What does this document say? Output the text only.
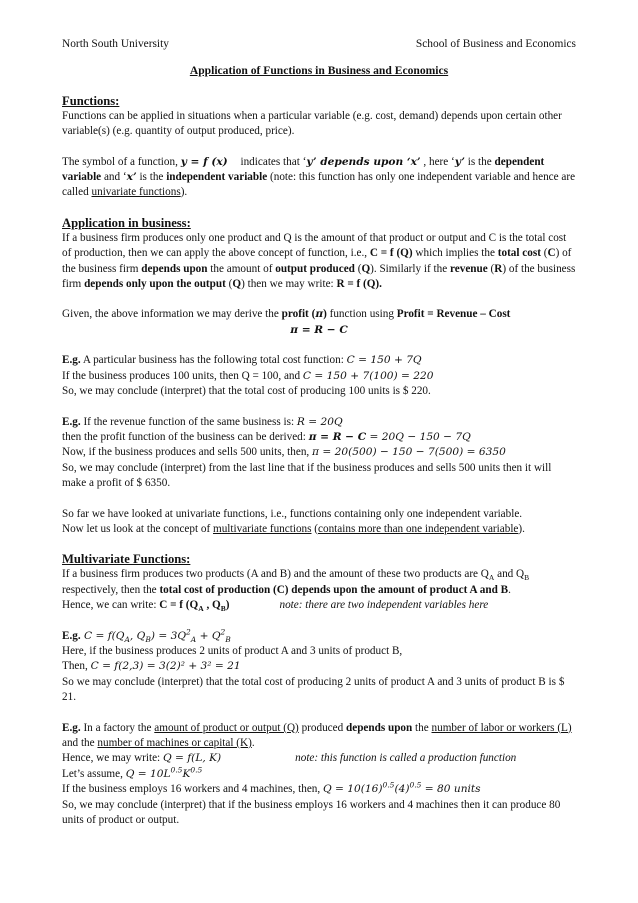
North South University	School of Business and Economics
Application of Functions in Business and Economics
Functions:

Functions can be applied in situations when a particular variable (e.g. cost, demand) depends upon certain other variable(s) (e.g. quantity of output produced, price).

The symbol of a function, y = f (x) indicates that ‘y’ depends upon ‘x’ , here ‘y’ is the dependent variable and ‘x’ is the independent variable (note: this function has only one independent variable and hence are called univariate functions).

Application in business:

If a business firm produces only one product and Q is the amount of that product or output and C is the total cost of production, then we can apply the above concept of function, i.e., C = f (Q) which implies the total cost (C) of the business firm depends upon the amount of output produced (Q). Similarly if the revenue (R) of the business firm depends only upon the output (Q) then we may write: R = f (Q).

Given, the above information we may derive the profit (π) function using Profit = Revenue – Cost

π = R − C

E.g. A particular business has the following total cost function: C = 150 + 7Q

If the business produces 100 units, then Q = 100, and C = 150 + 7(100) = 220

So, we may conclude (interpret) that the total cost of producing 100 units is $ 220.

E.g. If the revenue function of the same business is: R = 20Q

then the profit function of the business can be derived: π = R − C = 20Q − 150 − 7Q

Now, if the business produces and sells 500 units, then, π = 20(500) − 150 − 7(500) = 6350

So, we may conclude (interpret) from the last line that if the business produces and sells 500 units then it will make a profit of $ 6350.

So far we have looked at univariate functions, i.e., functions containing only one independent variable.

Now let us look at the concept of multivariate functions (contains more than one independent variable).

Multivariate Functions:

If a business firm produces two products (A and B) and the amount of these two products are $Q_A$ and $Q_B$ respectively, then the total cost of production (C) depends upon the amount of product A and B.

Hence, we can write: C = f ($Q_A$ , $Q_B$)	note: there are two independent variables here

E.g. $C = f(Q_A$, $Q_B) = 3Q^2_A + Q^2_B$

Here, if the business produces 2 units of product A and 3 units of product B,

Then, C = f(2,3) = 3(2)² + 3² = 21

So we may conclude (interpret) that the total cost of producing 2 units of product A and 3 units of product B is $ 21.

E.g. In a factory the amount of product or output (Q) produced depends upon the number of labor or workers (L) and the number of machines or capital (K).

Hence, we may write: Q = f(L, K)	note: this function is called a production function

Let’s assume, $Q = 10L^{0.5}K^{0.5}$

If the business employs 16 workers and 4 machines, then, $Q = 10(16)^{0.5}(4)^{0.5} = 80$ units

So, we may conclude (interpret) that if the business employs 16 workers and 4 machines then it can produce 80 units of product or output.
